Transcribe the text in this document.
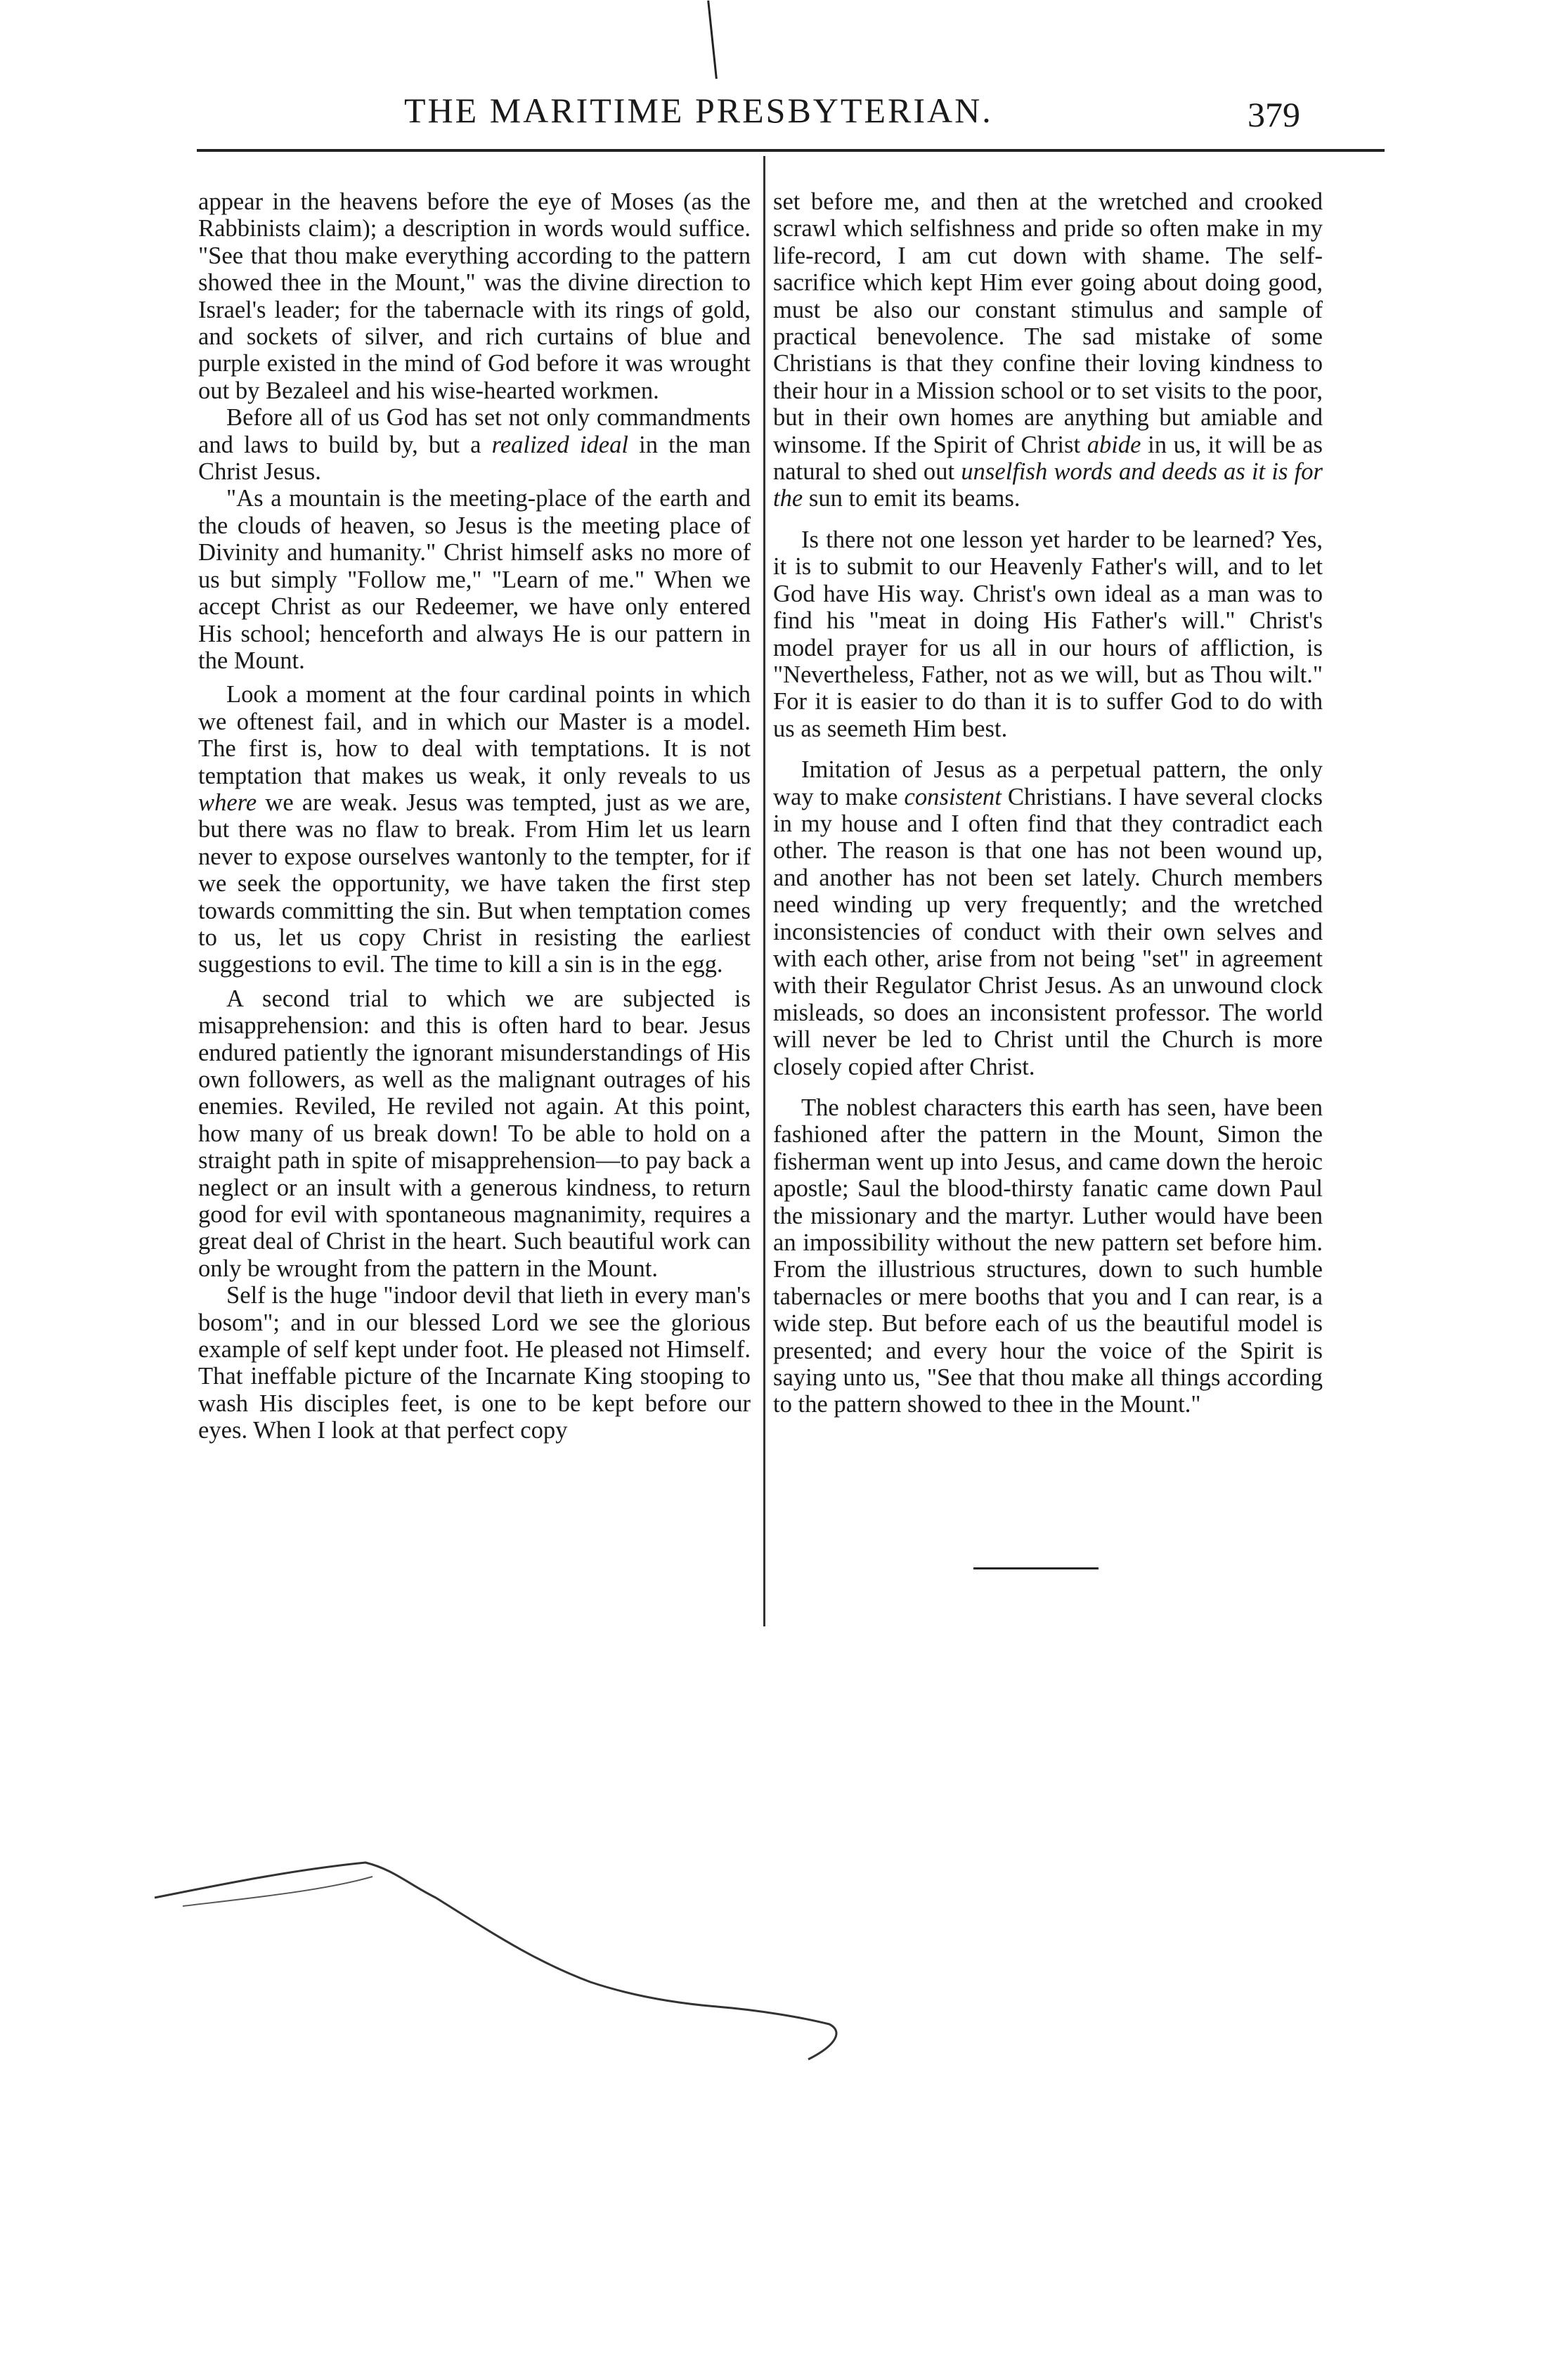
THE MARITIME PRESBYTERIAN.	379

appear in the heavens before the eye of Moses (as the Rabbinists claim); a description in words would suffice. "See that thou make everything according to the pattern showed thee in the Mount," was the divine direction to Israel's leader; for the tabernacle with its rings of gold, and sockets of silver, and rich curtains of blue and purple existed in the mind of God before it was wrought out by Bezaleel and his wise-hearted workmen.

Before all of us God has set not only commandments and laws to build by, but a realized ideal in the man Christ Jesus.

"As a mountain is the meeting-place of the earth and the clouds of heaven, so Jesus is the meeting place of Divinity and humanity." Christ himself asks no more of us but simply "Follow me," "Learn of me." When we accept Christ as our Redeemer, we have only entered His school; henceforth and always He is our pattern in the Mount.

Look a moment at the four cardinal points in which we oftenest fail, and in which our Master is a model. The first is, how to deal with temptations. It is not temptation that makes us weak, it only reveals to us where we are weak. Jesus was tempted, just as we are, but there was no flaw to break. From Him let us learn never to expose ourselves wantonly to the tempter, for if we seek the opportunity, we have taken the first step towards committing the sin. But when temptation comes to us, let us copy Christ in resisting the earliest suggestions to evil. The time to kill a sin is in the egg.

A second trial to which we are subjected is misapprehension: and this is often hard to bear. Jesus endured patiently the ignorant misunderstandings of His own followers, as well as the malignant outrages of his enemies. Reviled, He reviled not again. At this point, how many of us break down! To be able to hold on a straight path in spite of misapprehension—to pay back a neglect or an insult with a generous kindness, to return good for evil with spontaneous magnanimity, requires a great deal of Christ in the heart. Such beautiful work can only be wrought from the pattern in the Mount.

Self is the huge "indoor devil that lieth in every man's bosom"; and in our blessed Lord we see the glorious example of self kept under foot. He pleased not Himself. That ineffable picture of the Incarnate King stooping to wash His disciples feet, is one to be kept before our eyes. When I look at that perfect copy

set before me, and then at the wretched and crooked scrawl which selfishness and pride so often make in my life-record, I am cut down with shame. The self-sacrifice which kept Him ever going about doing good, must be also our constant stimulus and sample of practical benevolence. The sad mistake of some Christians is that they confine their loving kindness to their hour in a Mission school or to set visits to the poor, but in their own homes are anything but amiable and winsome. If the Spirit of Christ abide in us, it will be as natural to shed out unselfish words and deeds as it is for the sun to emit its beams.

Is there not one lesson yet harder to be learned? Yes, it is to submit to our Heavenly Father's will, and to let God have His way. Christ's own ideal as a man was to find his "meat in doing His Father's will." Christ's model prayer for us all in our hours of affliction, is "Nevertheless, Father, not as we will, but as Thou wilt." For it is easier to do than it is to suffer God to do with us as seemeth Him best.

Imitation of Jesus as a perpetual pattern, the only way to make consistent Christians. I have several clocks in my house and I often find that they contradict each other. The reason is that one has not been wound up, and another has not been set lately. Church members need winding up very frequently; and the wretched inconsistencies of conduct with their own selves and with each other, arise from not being "set" in agreement with their Regulator Christ Jesus. As an unwound clock misleads, so does an inconsistent professor. The world will never be led to Christ until the Church is more closely copied after Christ.

The noblest characters this earth has seen, have been fashioned after the pattern in the Mount, Simon the fisherman went up into Jesus, and came down the heroic apostle; Saul the blood-thirsty fanatic came down Paul the missionary and the martyr. Luther would have been an impossibility without the new pattern set before him. From the illustrious structures, down to such humble tabernacles or mere booths that you and I can rear, is a wide step. But before each of us the beautiful model is presented; and every hour the voice of the Spirit is saying unto us, "See that thou make all things according to the pattern showed to thee in the Mount."
